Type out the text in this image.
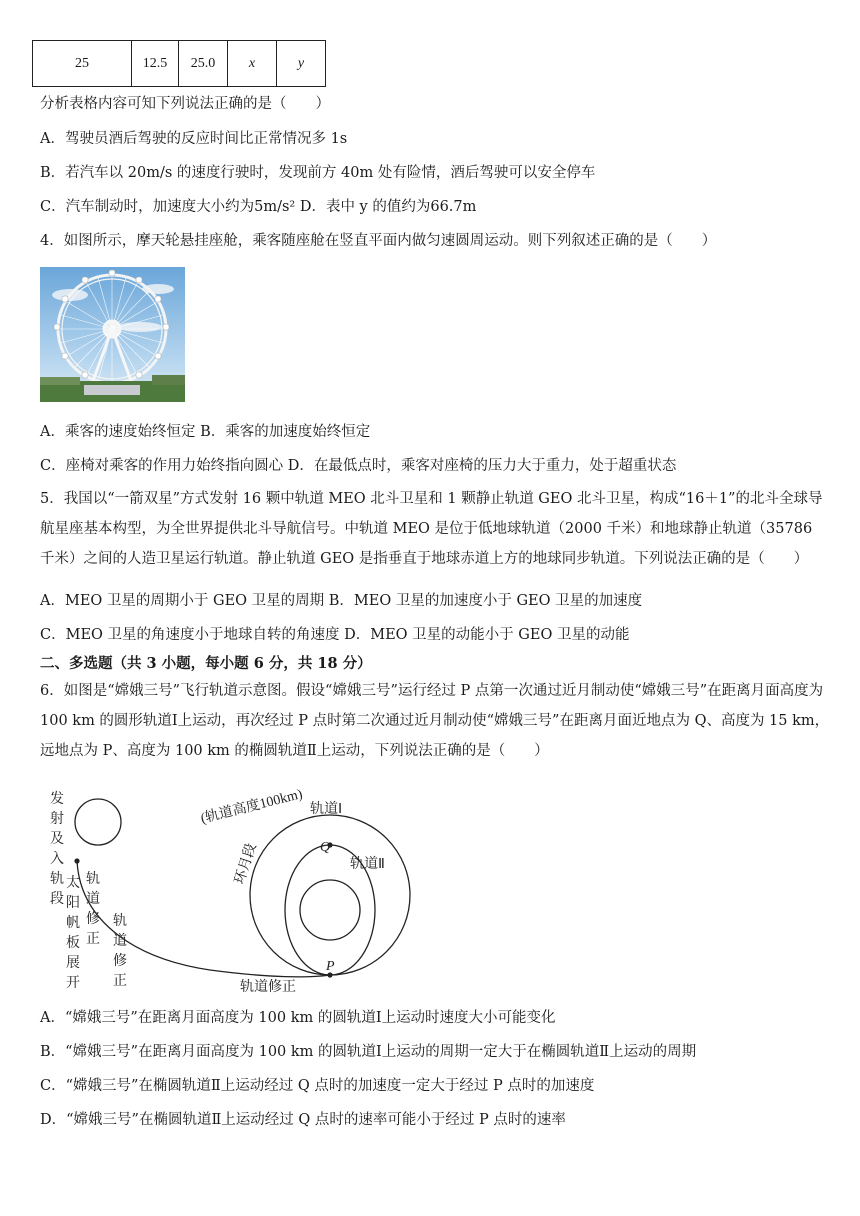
25	12.5	25.0	x	y
分析表格内容可知下列说法正确的是（　　）
A．驾驶员酒后驾驶的反应时间比正常情况多 1s
B．若汽车以 20m/s 的速度行驶时，发现前方 40m 处有险情，酒后驾驶可以安全停车
C．汽车制动时，加速度大小约为5m/s² D．表中 y 的值约为66.7m
4．如图所示，摩天轮悬挂座舱，乘客随座舱在竖直平面内做匀速圆周运动。则下列叙述正确的是（　　）
A．乘客的速度始终恒定 B．乘客的加速度始终恒定
C．座椅对乘客的作用力始终指向圆心 D．在最低点时，乘客对座椅的压力大于重力，处于超重状态
5．我国以“一箭双星”方式发射 16 颗中轨道 MEO 北斗卫星和 1 颗静止轨道 GEO 北斗卫星，构成“16＋1”的北斗全球导航星座基本构型，为全世界提供北斗导航信号。中轨道 MEO 是位于低地球轨道（2000 千米）和地球静止轨道（35786 千米）之间的人造卫星运行轨道。静止轨道 GEO 是指垂直于地球赤道上方的地球同步轨道。下列说法正确的是（　　）
A．MEO 卫星的周期小于 GEO 卫星的周期 B．MEO 卫星的加速度小于 GEO 卫星的加速度
C．MEO 卫星的角速度小于地球自转的角速度 D．MEO 卫星的动能小于 GEO 卫星的动能
二、多选题（共 3 小题，每小题 6 分，共 18 分）
6．如图是“嫦娥三号”飞行轨道示意图。假设“嫦娥三号”运行经过 P 点第一次通过近月制动使“嫦娥三号”在距离月面高度为 100 km 的圆形轨道Ⅰ上运动，再次经过 P 点时第二次通过近月制动使“嫦娥三号”在距离月面近地点为 Q、高度为 15 km，远地点为 P、高度为 100 km 的椭圆轨道Ⅱ上运动，下列说法正确的是（　　）
发
射
及
入
轨
段
太
阳
帆
板
展
开
轨
道
修
正
轨
道
修
正
(轨道高度100km) 轨道Ⅰ
轨道Ⅱ
环月段	Q
P
轨道修正
A．“嫦娥三号”在距离月面高度为 100 km 的圆轨道Ⅰ上运动时速度大小可能变化
B．“嫦娥三号”在距离月面高度为 100 km 的圆轨道Ⅰ上运动的周期一定大于在椭圆轨道Ⅱ上运动的周期
C．“嫦娥三号”在椭圆轨道Ⅱ上运动经过 Q 点时的加速度一定大于经过 P 点时的加速度
D．“嫦娥三号”在椭圆轨道Ⅱ上运动经过 Q 点时的速率可能小于经过 P 点时的速率
